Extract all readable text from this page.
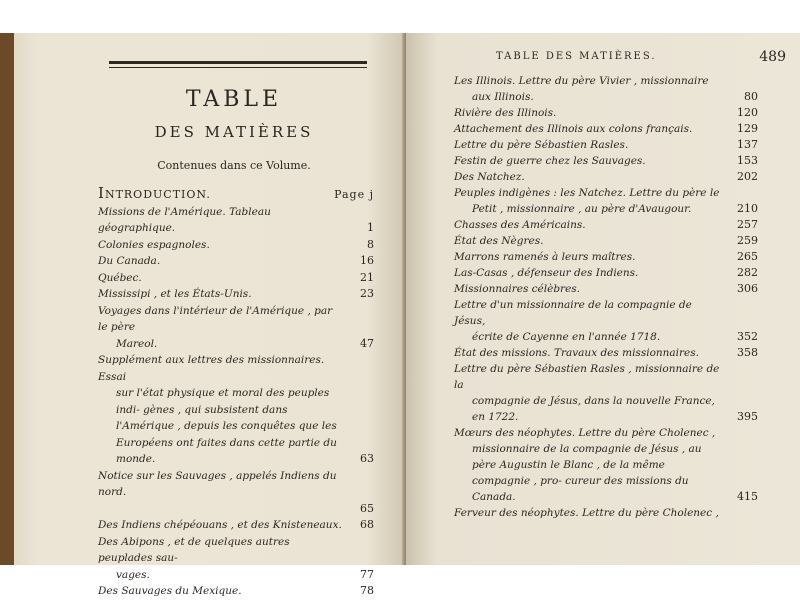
TABLE
DES MATIÈRES
Contenues dans ce Volume.
INTRODUCTION.	Page j
Missions de l'Amérique. Tableau géographique.	1
Colonies espagnoles.	8
Du Canada.	16
Québec.	21
Mississipi , et les États-Unis.	23
Voyages dans l'intérieur de l'Amérique , par le père
Mareol.	47
Supplément aux lettres des missionnaires. Essai
sur l'état physique et moral des peuples indi- gènes , qui subsistent dans l'Amérique , depuis les conquêtes que les Européens ont faites dans cette partie du monde.	63
Notice sur les Sauvages , appelés Indiens du nord.

65

Des Indiens chépéouans , et des Knisteneaux. 68
Des Abipons , et de quelques autres peuplades sau-
vages.	77
Des Sauvages du Mexique.	78
TABLE DES MATIÈRES.	489
Les Illinois. Lettre du père Vivier , missionnaire
aux Illinois.	80
Rivière des Illinois.	120
Attachement des Illinois aux colons français.	129
Lettre du père Sébastien Rasles.	137
Festin de guerre chez les Sauvages.	153
Des Natchez.	202
Peuples indigènes : les Natchez. Lettre du père le
Petit , missionnaire , au père d'Avaugour.	210
Chasses des Américains.	257
État des Nègres.	259
Marrons ramenés à leurs maîtres.	265
Las-Casas , défenseur des Indiens.	282
Missionnaires célèbres.	306
Lettre d'un missionnaire de la compagnie de Jésus,
écrite de Cayenne en l'année 1718.	352
État des missions. Travaux des missionnaires.	358
Lettre du père Sébastien Rasles , missionnaire de la
compagnie de Jésus, dans la nouvelle France, en 1722.	395
Mœurs des néophytes. Lettre du père Cholenec ,
missionnaire de la compagnie de Jésus , au père Augustin le Blanc , de la même compagnie , pro- cureur des missions du Canada.	415
Ferveur des néophytes. Lettre du père Cholenec ,
